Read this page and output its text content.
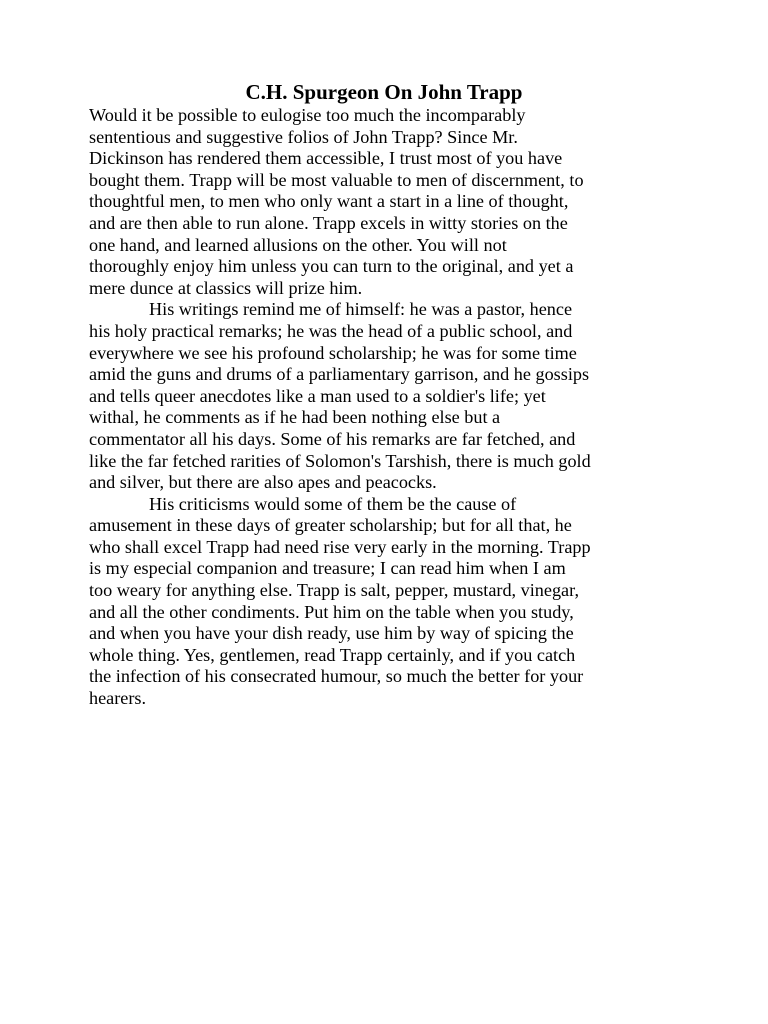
C.H. Spurgeon On John Trapp

Would it be possible to eulogise too much the incomparably
sententious and suggestive folios of John Trapp? Since Mr.
Dickinson has rendered them accessible, I trust most of you have
bought them. Trapp will be most valuable to men of discernment, to
thoughtful men, to men who only want a start in a line of thought,
and are then able to run alone. Trapp excels in witty stories on the
one hand, and learned allusions on the other. You will not
thoroughly enjoy him unless you can turn to the original, and yet a
mere dunce at classics will prize him.

His writings remind me of himself: he was a pastor, hence
his holy practical remarks; he was the head of a public school, and
everywhere we see his profound scholarship; he was for some time
amid the guns and drums of a parliamentary garrison, and he gossips
and tells queer anecdotes like a man used to a soldier's life; yet
withal, he comments as if he had been nothing else but a
commentator all his days. Some of his remarks are far fetched, and
like the far fetched rarities of Solomon's Tarshish, there is much gold
and silver, but there are also apes and peacocks.

His criticisms would some of them be the cause of
amusement in these days of greater scholarship; but for all that, he
who shall excel Trapp had need rise very early in the morning. Trapp
is my especial companion and treasure; I can read him when I am
too weary for anything else. Trapp is salt, pepper, mustard, vinegar,
and all the other condiments. Put him on the table when you study,
and when you have your dish ready, use him by way of spicing the
whole thing. Yes, gentlemen, read Trapp certainly, and if you catch
the infection of his consecrated humour, so much the better for your
hearers.
